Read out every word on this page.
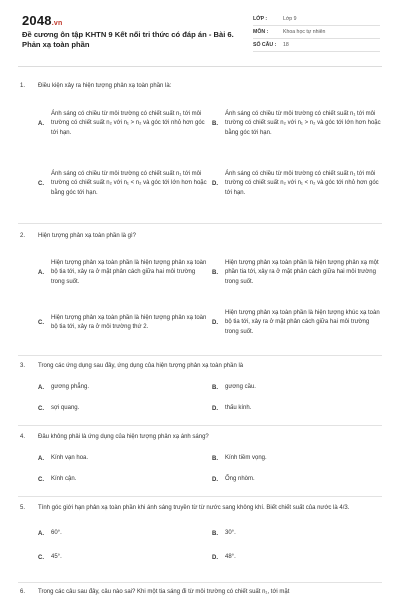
2048.vn
Đề cương ôn tập KHTN 9 Kết nối tri thức có đáp án - Bài 6. Phản xạ toàn phần
LỚP :	Lớp 9
MÔN :	Khoa học tự nhiên
SỐ CÂU :	18
1.	Điều kiện xảy ra hiện tượng phản xạ toàn phần là:
A.
Ánh sáng có chiều từ môi trường có chiết suất n₁ tới môi trường có chiết suất n₂ với n₁ > n₂ và góc tới nhỏ hơn góc tới hạn.
B.
Ánh sáng có chiều từ môi trường có chiết suất n₁ tới môi trường có chiết suất n₂ với n₁ > n₂ và góc tới lớn hơn hoặc bằng góc tới hạn.
C.
Ánh sáng có chiều từ môi trường có chiết suất n₁ tới môi trường có chiết suất n₂ với n₁ < n₂ và góc tới lớn hơn hoặc bằng góc tới hạn.
D.
Ánh sáng có chiều từ môi trường có chiết suất n₁ tới môi trường có chiết suất n₂ với n₁ < n₂ và góc tới nhỏ hơn góc tới hạn.
2.	Hiện tượng phản xạ toàn phần là gì?
A.
Hiện tượng phản xạ toàn phần là hiện tượng phản xạ toàn bộ tia tới, xảy ra ở mặt phân cách giữa hai môi trường trong suốt.
B.
Hiện tượng phản xạ toàn phần là hiện tượng phản xạ một phần tia tới, xảy ra ở mặt phân cách giữa hai môi trường trong suốt.
C.
Hiện tượng phản xạ toàn phần là hiện tượng phản xạ toàn bộ tia tới, xảy ra ở môi trường thứ 2.
D.
Hiện tượng phản xạ toàn phần là hiện tượng khúc xạ toàn bộ tia tới, xảy ra ở mặt phân cách giữa hai môi trường trong suốt.
3.	Trong các ứng dụng sau đây, ứng dụng của hiện tượng phản xạ toàn phần là
A.	gương phẳng.	B.	gương cầu.
C.	sợi quang.	D.	thấu kính.
4.	Đâu không phải là ứng dụng của hiện tượng phản xạ ánh sáng?
A.	Kính vạn hoa.	B.	Kính tiềm vọng.
C.	Kính cận.	D.	Ống nhòm.
5.	Tính góc giới hạn phản xạ toàn phần khi ánh sáng truyền từ từ nước sang không khí. Biết chiết suất của nước là 4/3.
A.	60°.	B.	30°.
C.	45°.	D.	48°.
6.	Trong các câu sau đây, câu nào sai? Khi một tia sáng đi từ môi trường có chiết suất n₁, tới mặt
